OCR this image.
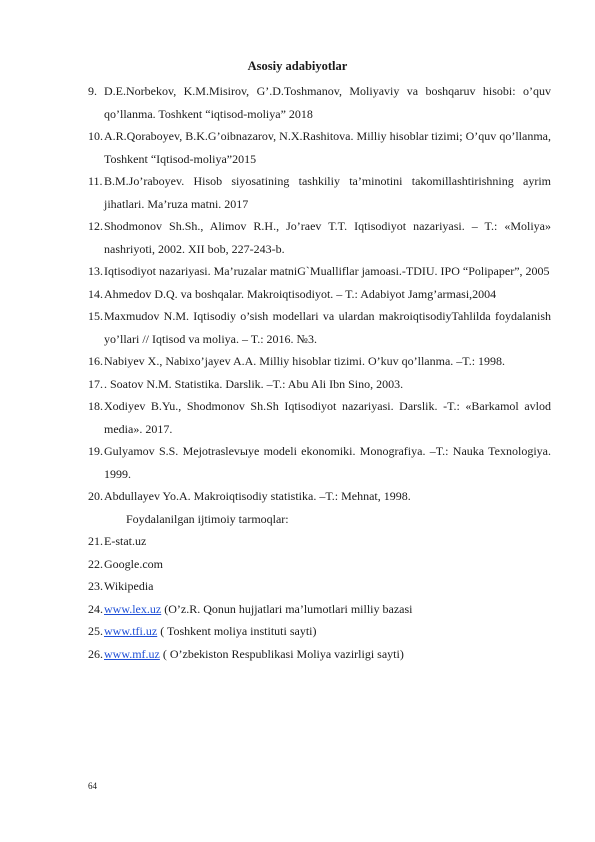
Asosiy adabiyotlar
9. D.E.Norbekov, K.M.Misirov, G’.D.Toshmanov, Moliyaviy va boshqaruv hisobi: o’quv qo’llanma. Toshkent “iqtisod-moliya” 2018
10. A.R.Qoraboyev, B.K.G’oibnazarov, N.X.Rashitova. Milliy hisoblar tizimi; O’quv qo’llanma, Toshkent “Iqtisod-moliya”2015
11. B.M.Jo’raboyev. Hisob siyosatining tashkiliy ta’minotini takomillashtirishning ayrim jihatlari. Ma’ruza matni. 2017
12. Shodmonov Sh.Sh., Alimov R.H., Jo’raev T.T. Iqtisodiyot nazariyasi. – T.: «Moliya» nashriyoti, 2002. XII bob, 227-243-b.
13. Iqtisodiyot nazariyasi. Ma’ruzalar matniG`Mualliflar jamoasi.-TDIU. IPO “Polipaper”, 2005
14. Ahmedov D.Q. va boshqalar. Makroiqtisodiyot. – T.: Adabiyot Jamg’armasi,2004
15. Maxmudov N.M. Iqtisodiy o’sish modellari va ulardan makroiqtisodiyTahlilda foydalanish yo’llari // Iqtisod va moliya. – T.: 2016. №3.
16. Nabiyev X., Nabixo’jayev A.A. Milliy hisoblar tizimi. O’kuv qo’llanma. –T.: 1998.
17. . Soatov N.M. Statistika. Darslik. –T.: Abu Ali Ibn Sino, 2003.
18. Xodiyev B.Yu., Shodmonov Sh.Sh Iqtisodiyot nazariyasi. Darslik. -T.: «Barkamol avlod media». 2017.
19. Gulyamov S.S. Mejotraslevыye modeli ekonomiki. Monografiya. –T.: Nauka Texnologiya. 1999.
20. Abdullayev Yo.A. Makroiqtisodiy statistika. –T.: Mehnat, 1998.
Foydalanilgan ijtimoiy tarmoqlar:
21. E-stat.uz
22. Google.com
23. Wikipedia
24. www.lex.uz (O’z.R. Qonun hujjatlari ma’lumotlari milliy bazasi
25. www.tfi.uz ( Toshkent moliya instituti sayti)
26. www.mf.uz ( O’zbekiston Respublikasi Moliya vazirligi sayti)
64
